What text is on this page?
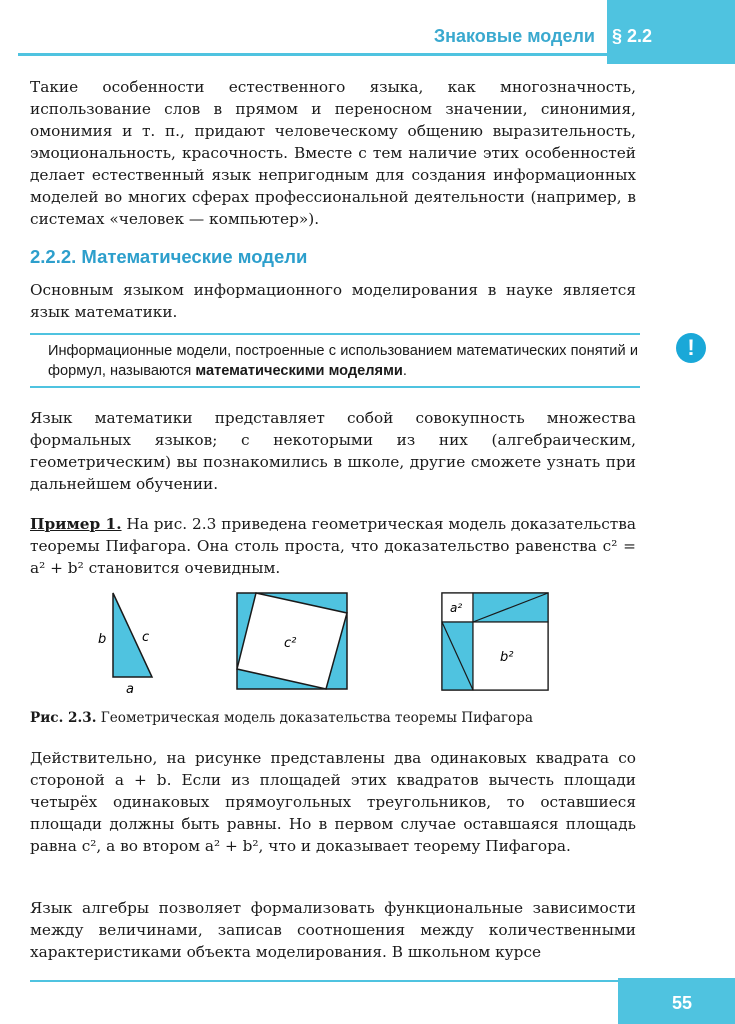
Знаковые модели § 2.2

Такие особенности естественного языка, как многозначность, использование слов в прямом и переносном значении, синонимия, омонимия и т. п., придают человеческому общению выразительность, эмоциональность, красочность. Вместе с тем наличие этих особенностей делает естественный язык непригодным для создания информационных моделей во многих сферах профессиональной деятельности (например, в системах «человек — компьютер»).

2.2.2. Математические модели

Основным языком информационного моделирования в науке является язык математики.

Информационные модели, построенные с использованием математических понятий и формул, называются математическими моделями.

!

Язык математики представляет собой совокупность множества формальных языков; с некоторыми из них (алгебраическим, геометрическим) вы познакомились в школе, другие сможете узнать при дальнейшем обучении.

Пример 1. На рис. 2.3 приведена геометрическая модель доказательства теоремы Пифагора. Она столь проста, что доказательство равенства c² = a² + b² становится очевидным.

b	c
a
c²
a²
b²
Рис. 2.3. Геометрическая модель доказательства теоремы Пифагора

Действительно, на рисунке представлены два одинаковых квадрата со стороной a + b. Если из площадей этих квадратов вычесть площади четырёх одинаковых прямоугольных треугольников, то оставшиеся площади должны быть равны. Но в первом случае оставшаяся площадь равна c², а во втором a² + b², что и доказывает теорему Пифагора.

Язык алгебры позволяет формализовать функциональные зависимости между величинами, записав соотношения между количественными характеристиками объекта моделирования. В школьном курсе

55
